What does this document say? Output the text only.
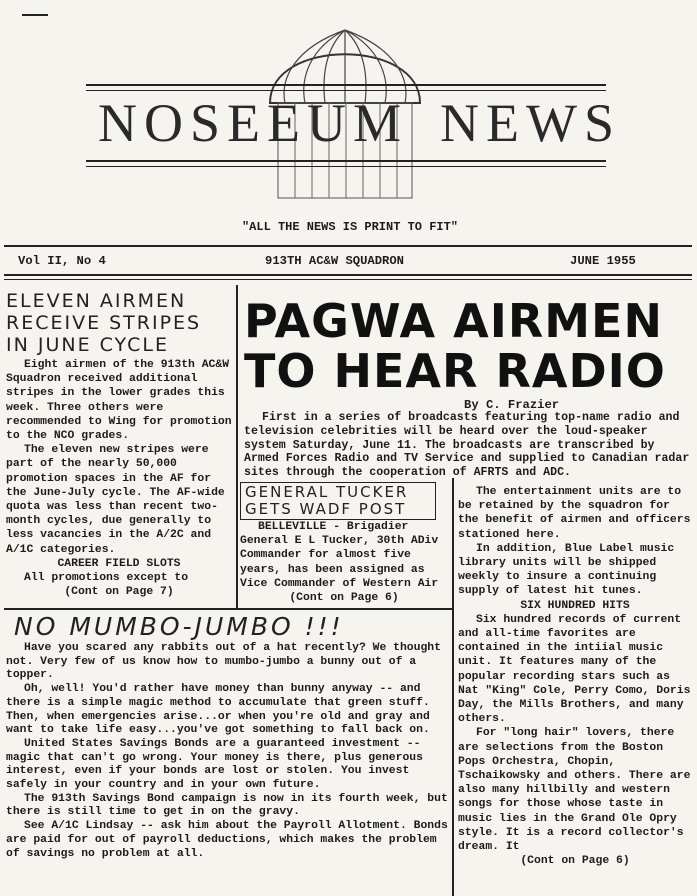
NOSEEUM NEWS
"ALL THE NEWS IS PRINT TO FIT"
Vol II, No 4	913TH AC&W SQUADRON	JUNE 1955
ELEVEN AIRMEN
RECEIVE STRIPES
IN JUNE CYCLE

Eight airmen of the 913th AC&W Squadron received additional stripes in the lower grades this week. Three others were recommended to Wing for promotion to the NCO grades.

The eleven new stripes were part of the nearly 50,000 promotion spaces in the AF for the June-July cycle. The AF-wide quota was less than recent two-month cycles, due generally to less vacancies in the A/2C and A/1C categories.

CAREER FIELD SLOTS

All promotions except to

(Cont on Page 7)
PAGWA AIRMEN
TO HEAR RADIO
By C. Frazier
First in a series of broadcasts featuring top-name radio and television celebrities will be heard over the loud-speaker system Saturday, June 11. The broadcasts are transcribed by Armed Forces Radio and TV Service and supplied to Canadian radar sites through the cooperation of AFRTS and ADC.
GENERAL TUCKER
GETS WADF POST

BELLEVILLE - Brigadier General E L Tucker, 30th ADiv Commander for almost five years, has been assigned as Vice Commander of Western Air

(Cont on Page 6)

The entertainment units are to be retained by the squadron for the benefit of airmen and officers stationed here.

In addition, Blue Label music library units will be shipped weekly to insure a continuing supply of latest hit tunes.

SIX HUNDRED HITS

Six hundred records of current and all-time favorites are contained in the intiial music unit. It features many of the popular recording stars such as Nat "King" Cole, Perry Como, Doris Day, the Mills Brothers, and many others.

For "long hair" lovers, there are selections from the Boston Pops Orchestra, Chopin, Tschaikowsky and others. There are also many hillbilly and western songs for those whose taste in music lies in the Grand Ole Opry style. It is a record collector's dream. It

(Cont on Page 6)
NO MUMBO-JUMBO !!!

Have you scared any rabbits out of a hat recently? We thought not. Very few of us know how to mumbo-jumbo a bunny out of a topper.

Oh, well! You'd rather have money than bunny anyway -- and there is a simple magic method to accumulate that green stuff. Then, when emergencies arise...or when you're old and gray and want to take life easy...you've got something to fall back on.

United States Savings Bonds are a guaranteed investment -- magic that can't go wrong. Your money is there, plus generous interest, even if your bonds are lost or stolen. You invest safely in your country and in your own future.

The 913th Savings Bond campaign is now in its fourth week, but there is still time to get in on the gravy.

See A/1C Lindsay -- ask him about the Payroll Allotment. Bonds are paid for out of payroll deductions, which makes the problem of savings no problem at all.
